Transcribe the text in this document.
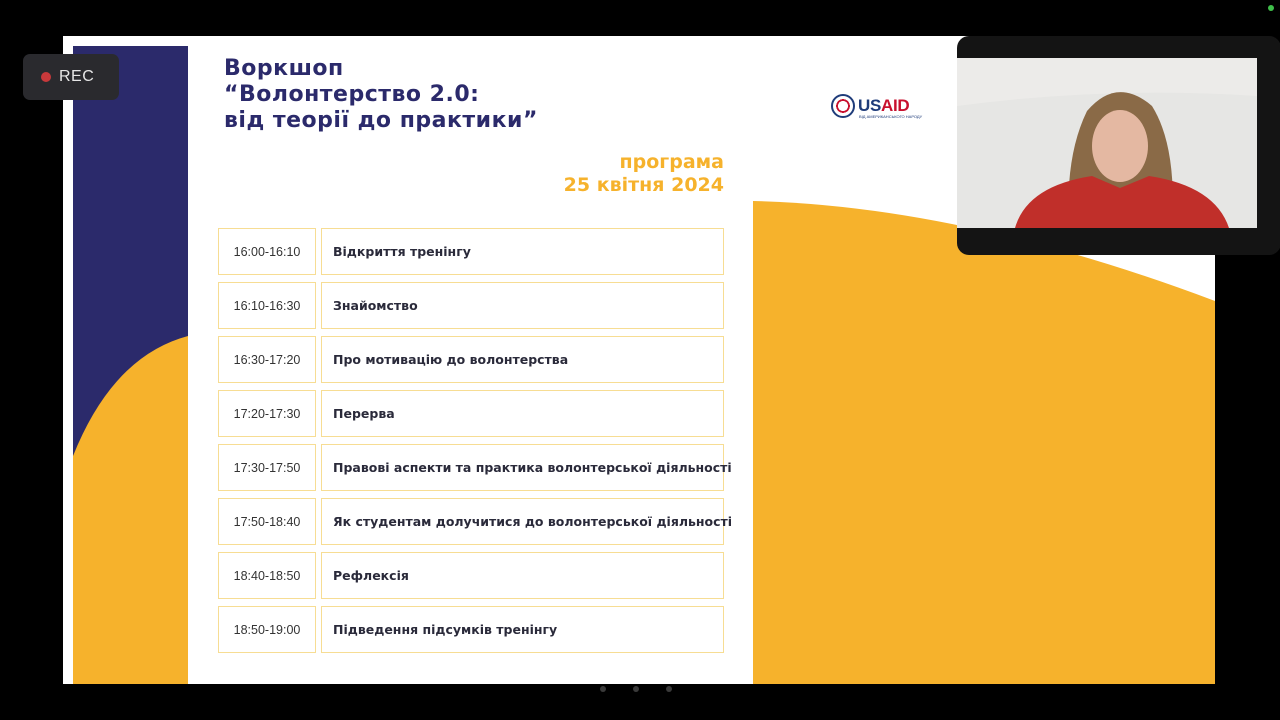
Воркшоп
“Волонтерство 2.0:
від теорії до практики”
USAID
ВІД АМЕРИКАНСЬКОГО НАРОДУ
програма
25 квітня 2024
16:00-16:10	Відкриття тренінгу
16:10-16:30	Знайомство
16:30-17:20	Про мотивацію до волонтерства
17:20-17:30	Перерва
17:30-17:50	Правові аспекти та практика волонтерської діяльності
17:50-18:40	Як студентам долучитися до волонтерської діяльності
18:40-18:50	Рефлексія
18:50-19:00	Підведення підсумків тренінгу
REC
